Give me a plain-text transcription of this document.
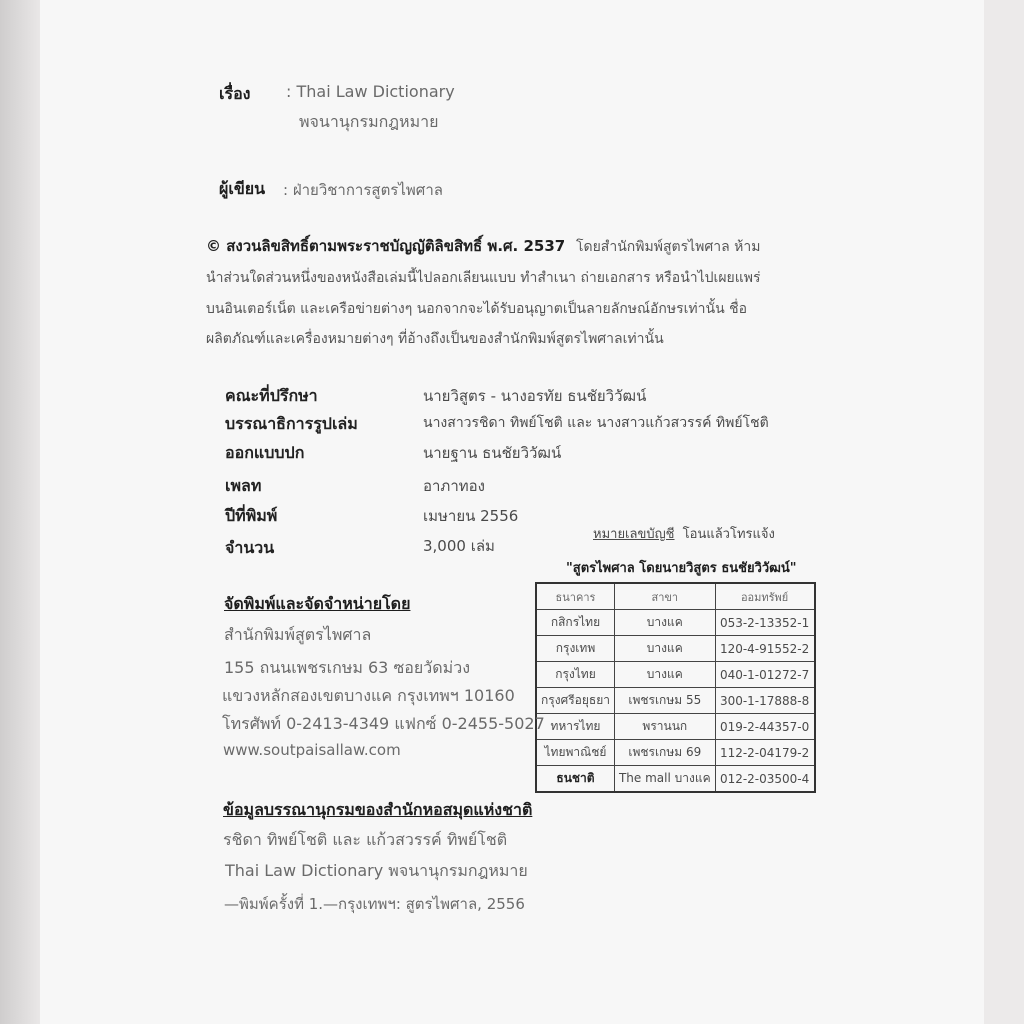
เรื่อง : Thai Law Dictionary
พจนานุกรมกฎหมาย
ผู้เขียน : ฝ่ายวิชาการสูตรไพศาล
© สงวนลิขสิทธิ์ตามพระราชบัญญัติลิขสิทธิ์ พ.ศ. 2537 โดยสำนักพิมพ์สูตรไพศาล ห้าม
นำส่วนใดส่วนหนึ่งของหนังสือเล่มนี้ไปลอกเลียนแบบ ทำสำเนา ถ่ายเอกสาร หรือนำไปเผยแพร่
บนอินเตอร์เน็ต และเครือข่ายต่างๆ นอกจากจะได้รับอนุญาตเป็นลายลักษณ์อักษรเท่านั้น ชื่อ
ผลิตภัณฑ์และเครื่องหมายต่างๆ ที่อ้างถึงเป็นของสำนักพิมพ์สูตรไพศาลเท่านั้น
คณะที่ปรึกษา	นายวิสูตร - นางอรทัย ธนชัยวิวัฒน์
บรรณาธิการรูปเล่ม	นางสาวรชิดา ทิพย์โชติ และ นางสาวแก้วสวรรค์ ทิพย์โชติ
ออกแบบปก	นายฐาน ธนชัยวิวัฒน์
เพลท	อาภาทอง
ปีที่พิมพ์	เมษายน 2556
จำนวน	3,000 เล่ม
หมายเลขบัญชี โอนแล้วโทรแจ้ง
"สูตรไพศาล โดยนายวิสูตร ธนชัยวิวัฒน์"
ธนาคาร	สาขา	ออมทรัพย์
กสิกรไทย	บางแค	053-2-13352-1
กรุงเทพ	บางแค	120-4-91552-2
กรุงไทย	บางแค	040-1-01272-7
กรุงศรีอยุธยา	เพชรเกษม 55	300-1-17888-8
ทหารไทย	พรานนก	019-2-44357-0
ไทยพาณิชย์	เพชรเกษม 69	112-2-04179-2
ธนชาติ	The mall บางแค	012-2-03500-4
จัดพิมพ์และจัดจำหน่ายโดย
สำนักพิมพ์สูตรไพศาล
155 ถนนเพชรเกษม 63 ซอยวัดม่วง
แขวงหลักสองเขตบางแค กรุงเทพฯ 10160
โทรศัพท์ 0-2413-4349 แฟกซ์ 0-2455-5027
www.soutpaisallaw.com
ข้อมูลบรรณานุกรมของสำนักหอสมุดแห่งชาติ
รชิดา ทิพย์โชติ และ แก้วสวรรค์ ทิพย์โชติ
Thai Law Dictionary พจนานุกรมกฎหมาย
—พิมพ์ครั้งที่ 1.—กรุงเทพฯ: สูตรไพศาล, 2556
